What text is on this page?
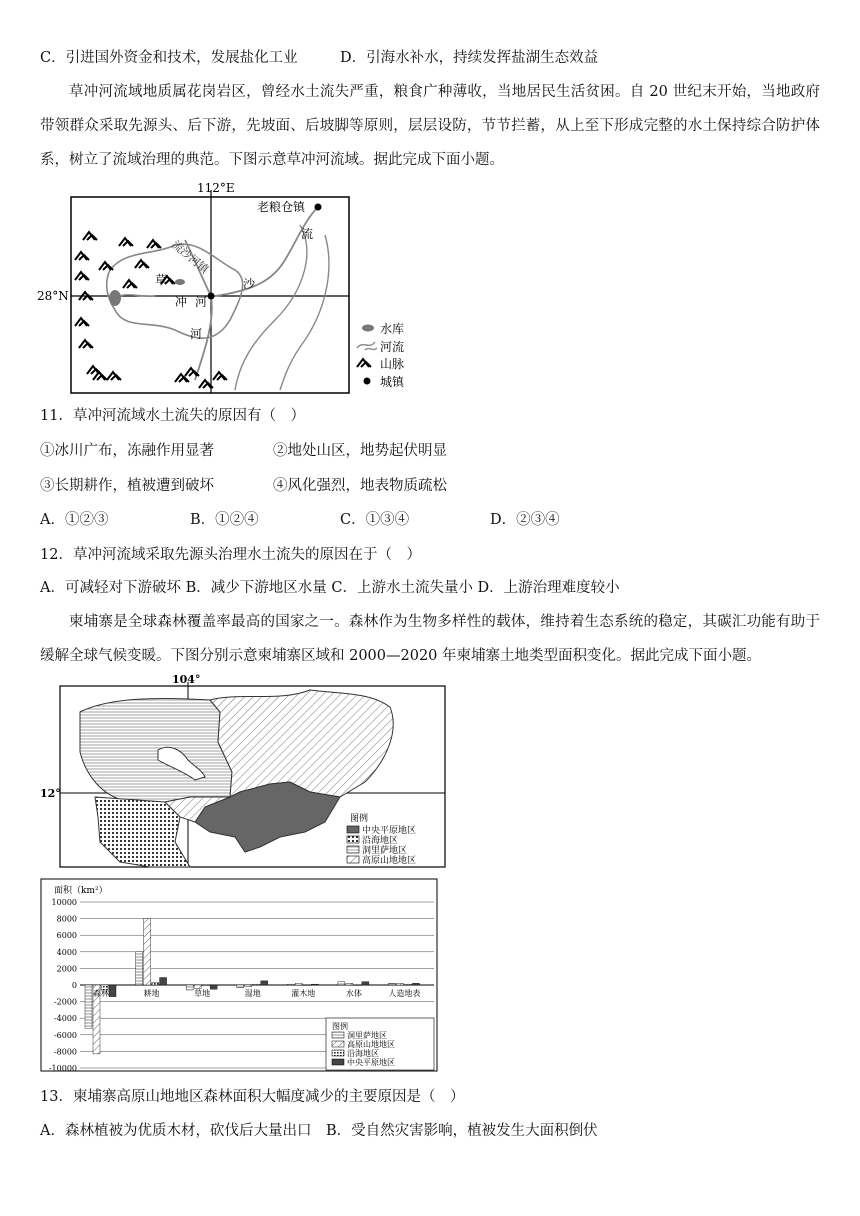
C．引进国外资金和技术，发展盐化工业	D．引海水补水，持续发挥盐湖生态效益
草冲河流域地质属花岗岩区，曾经水土流失严重，粮食广种薄收，当地居民生活贫困。自 20 世纪末开始，当地政府带领群众采取先源头、后下游，先坡面、后坡脚等原则，层层设防，节节拦蓄，从上至下形成完整的水土保持综合防护体系，树立了流域治理的典范。下图示意草冲河流域。据此完成下面小题。
112°E
28°N
老粮仓镇
流沙河镇
流
沙
草
冲 河
河	水库
河流
山脉
城镇
11．草冲河流域水土流失的原因有（　）
①冰川广布，冻融作用显著	②地处山区，地势起伏明显
③长期耕作，植被遭到破坏	④风化强烈，地表物质疏松
A．①②③	B．①②④	C．①③④	D．②③④
12．草冲河流域采取先源头治理水土流失的原因在于（　）
A．可减轻对下游破坏 B．减少下游地区水量 C．上游水土流失量小 D．上游治理难度较小
柬埔寨是全球森林覆盖率最高的国家之一。森林作为生物多样性的载体，维持着生态系统的稳定，其碳汇功能有助于缓解全球气候变暖。下图分别示意柬埔寨区域和 2000—2020 年柬埔寨土地类型面积变化。据此完成下面小题。
104°
12°
图例
中央平原地区
沿海地区
洞里萨地区
高原山地地区
面积（km²）
-10000
-8000
-6000
-4000
-2000
0
2000
4000
6000
8000
10000
森林	耕地	草地	湿地	灌木地	水体	人造地表
图例
洞里萨地区
高原山地地区
沿海地区
中央平原地区
13．柬埔寨高原山地地区森林面积大幅度减少的主要原因是（　）
A．森林植被为优质木材，砍伐后大量出口　B．受自然灾害影响，植被发生大面积倒伏
